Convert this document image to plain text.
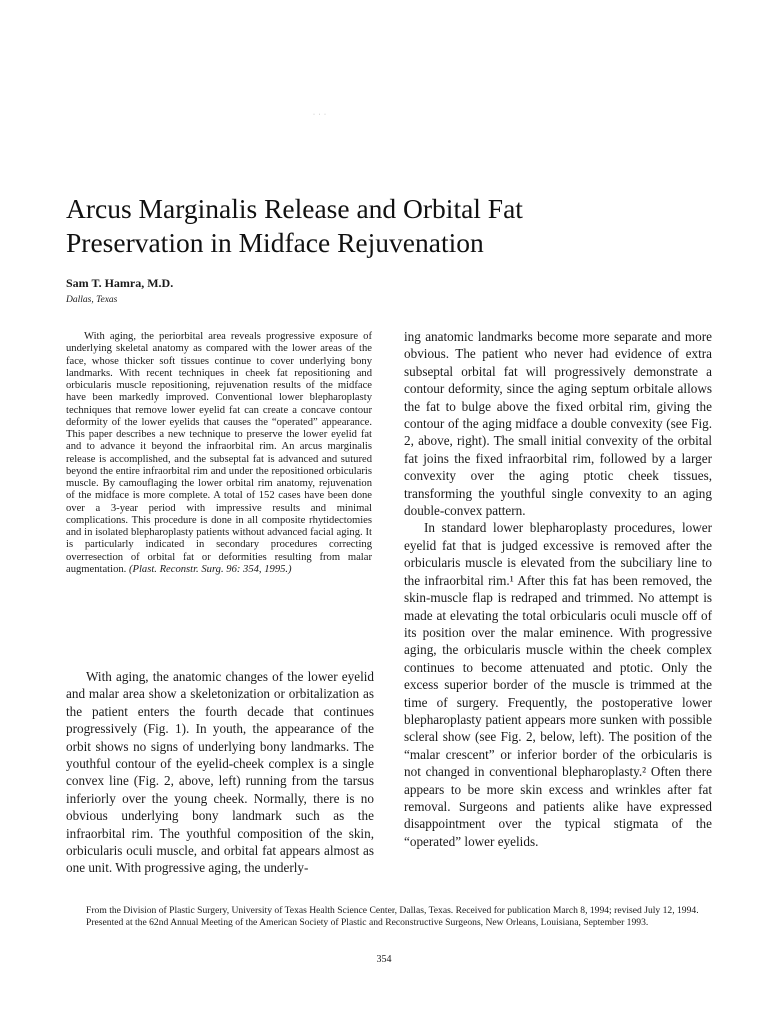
· · ·
Arcus Marginalis Release and Orbital Fat
Preservation in Midface Rejuvenation
Sam T. Hamra, M.D.
Dallas, Texas
With aging, the periorbital area reveals progressive exposure of underlying skeletal anatomy as compared with the lower areas of the face, whose thicker soft tissues continue to cover underlying bony landmarks. With recent techniques in cheek fat repositioning and orbicularis muscle repositioning, rejuvenation results of the midface have been markedly improved. Conventional lower blepharoplasty techniques that remove lower eyelid fat can create a concave contour deformity of the lower eyelids that causes the “operated” appearance. This paper describes a new technique to preserve the lower eyelid fat and to advance it beyond the infraorbital rim. An arcus marginalis release is accomplished, and the subseptal fat is advanced and sutured beyond the entire infraorbital rim and under the repositioned orbicularis muscle. By camouflaging the lower orbital rim anatomy, rejuvenation of the midface is more complete. A total of 152 cases have been done over a 3-year period with impressive results and minimal complications. This procedure is done in all composite rhytidectomies and in isolated blepharoplasty patients without advanced facial aging. It is particularly indicated in secondary procedures correcting overresection of orbital fat or deformities resulting from malar augmentation. (Plast. Reconstr. Surg. 96: 354, 1995.)
With aging, the anatomic changes of the lower eyelid and malar area show a skeletonization or orbitalization as the patient enters the fourth decade that continues progressively (Fig. 1). In youth, the appearance of the orbit shows no signs of underlying bony landmarks. The youthful contour of the eyelid-cheek complex is a single convex line (Fig. 2, above, left) running from the tarsus inferiorly over the young cheek. Normally, there is no obvious underlying bony landmark such as the infraorbital rim. The youthful composition of the skin, orbicularis oculi muscle, and orbital fat appears almost as one unit. With progressive aging, the underly-

ing anatomic landmarks become more separate and more obvious. The patient who never had evidence of extra subseptal orbital fat will progressively demonstrate a contour deformity, since the aging septum orbitale allows the fat to bulge above the fixed orbital rim, giving the contour of the aging midface a double convexity (see Fig. 2, above, right). The small initial convexity of the orbital fat joins the fixed infraorbital rim, followed by a larger convexity over the aging ptotic cheek tissues, transforming the youthful single convexity to an aging double-convex pattern.

In standard lower blepharoplasty procedures, lower eyelid fat that is judged excessive is removed after the orbicularis muscle is elevated from the subciliary line to the infraorbital rim.¹ After this fat has been removed, the skin-muscle flap is redraped and trimmed. No attempt is made at elevating the total orbicularis oculi muscle off of its position over the malar eminence. With progressive aging, the orbicularis muscle within the cheek complex continues to become attenuated and ptotic. Only the excess superior border of the muscle is trimmed at the time of surgery. Frequently, the postoperative lower blepharoplasty patient appears more sunken with possible scleral show (see Fig. 2, below, left). The position of the “malar crescent” or inferior border of the orbicularis is not changed in conventional blepharoplasty.² Often there appears to be more skin excess and wrinkles after fat removal. Surgeons and patients alike have expressed disappointment over the typical stigmata of the “operated” lower eyelids.

From the Division of Plastic Surgery, University of Texas Health Science Center, Dallas, Texas. Received for publication March 8, 1994; revised July 12, 1994.

Presented at the 62nd Annual Meeting of the American Society of Plastic and Reconstructive Surgeons, New Orleans, Louisiana, September 1993.

354
